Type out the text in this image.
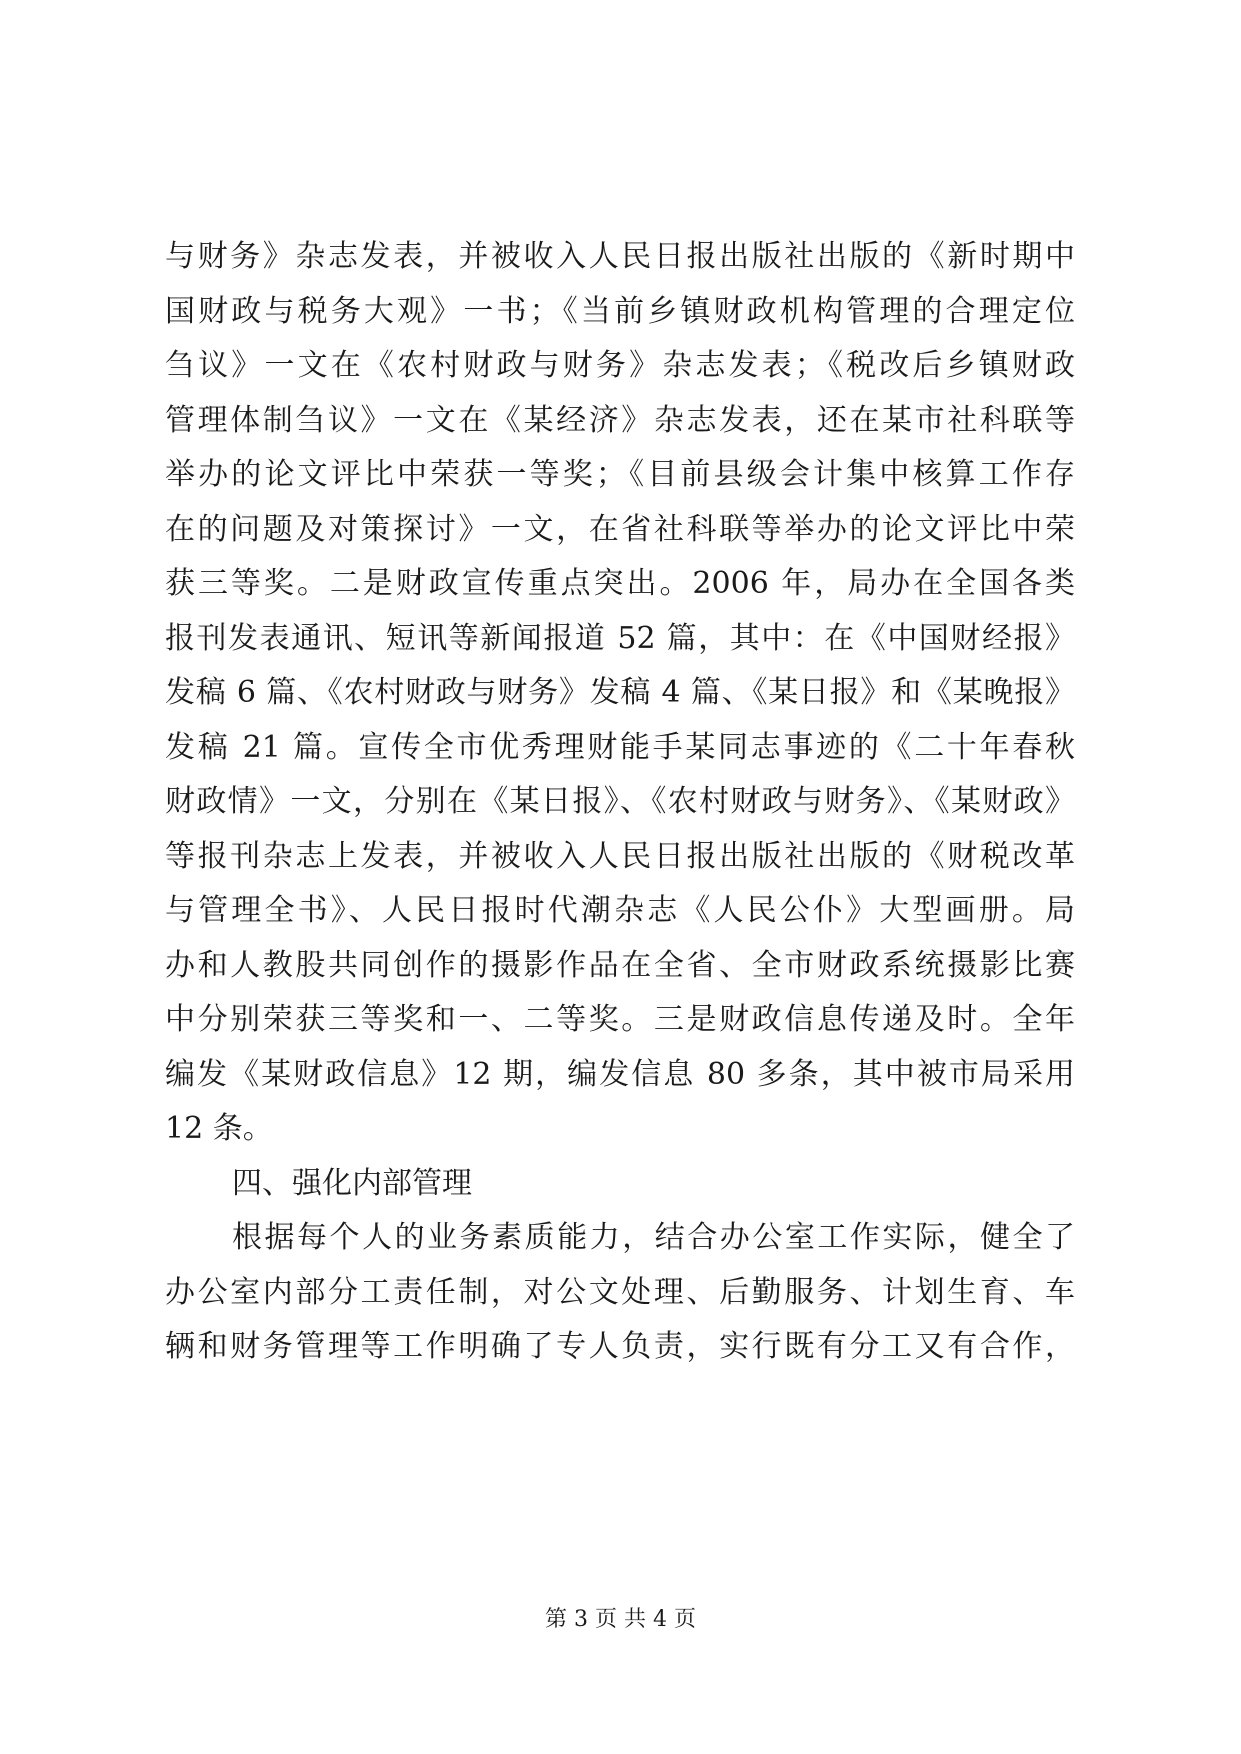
与财务》杂志发表，并被收入人民日报出版社出版的《新时期中
国财政与税务大观》一书；《当前乡镇财政机构管理的合理定位
刍议》一文在《农村财政与财务》杂志发表；《税改后乡镇财政
管理体制刍议》一文在《某经济》杂志发表，还在某市社科联等
举办的论文评比中荣获一等奖；《目前县级会计集中核算工作存
在的问题及对策探讨》一文，在省社科联等举办的论文评比中荣
获三等奖。二是财政宣传重点突出。2006 年，局办在全国各类
报刊发表通讯、短讯等新闻报道 52 篇，其中：在《中国财经报》
发稿 6 篇、《农村财政与财务》发稿 4 篇、《某日报》和《某晚报》
发稿 21 篇。宣传全市优秀理财能手某同志事迹的《二十年春秋
财政情》一文，分别在《某日报》、《农村财政与财务》、《某财政》
等报刊杂志上发表，并被收入人民日报出版社出版的《财税改革
与管理全书》、人民日报时代潮杂志《人民公仆》大型画册。局
办和人教股共同创作的摄影作品在全省、全市财政系统摄影比赛
中分别荣获三等奖和一、二等奖。三是财政信息传递及时。全年
编发《某财政信息》12 期，编发信息 80 多条，其中被市局采用
12 条。
四、强化内部管理
根据每个人的业务素质能力，结合办公室工作实际，健全了
办公室内部分工责任制，对公文处理、后勤服务、计划生育、车
辆和财务管理等工作明确了专人负责，实行既有分工又有合作，
第 3 页 共 4 页
